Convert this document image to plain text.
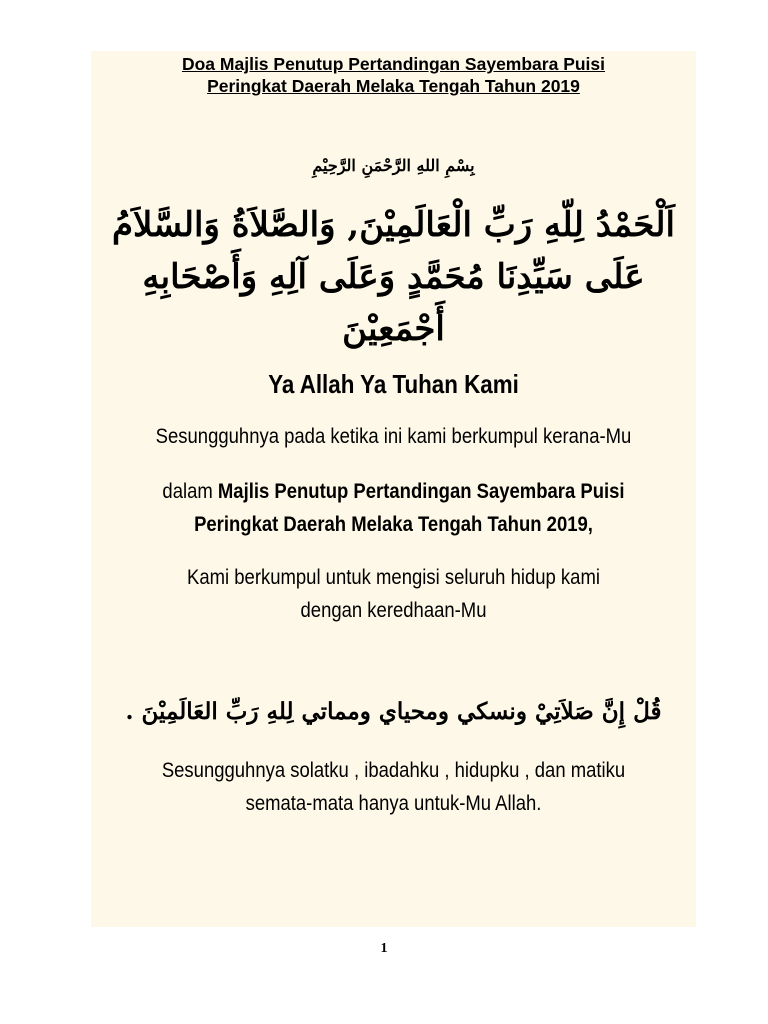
Doa Majlis Penutup Pertandingan Sayembara Puisi
Peringkat Daerah Melaka Tengah Tahun 2019
بِسْمِ اللهِ الرَّحْمَنِ الرَّحِيْمِ
اَلْحَمْدُ لِلّهِ رَبِّ الْعَالَمِيْنَ, وَالصَّلاَةُ وَالسَّلاَمُ
عَلَى سَيِّدِنَا مُحَمَّدٍ وَعَلَى آلِهِ وَأَصْحَابِهِ
أَجْمَعِيْنَ
Ya Allah Ya Tuhan Kami
Sesungguhnya pada ketika ini kami berkumpul kerana-Mu
dalam Majlis Penutup Pertandingan Sayembara Puisi
Peringkat Daerah Melaka Tengah Tahun 2019,
Kami berkumpul untuk mengisi seluruh hidup kami
dengan keredhaan-Mu
قُلْ إِنَّ صَلاَتِيْ ونسكي ومحياي ومماتي لِلهِ رَبِّ العَالَمِيْنَ .
Sesungguhnya solatku , ibadahku , hidupku , dan matiku
semata-mata hanya untuk-Mu Allah.
1
